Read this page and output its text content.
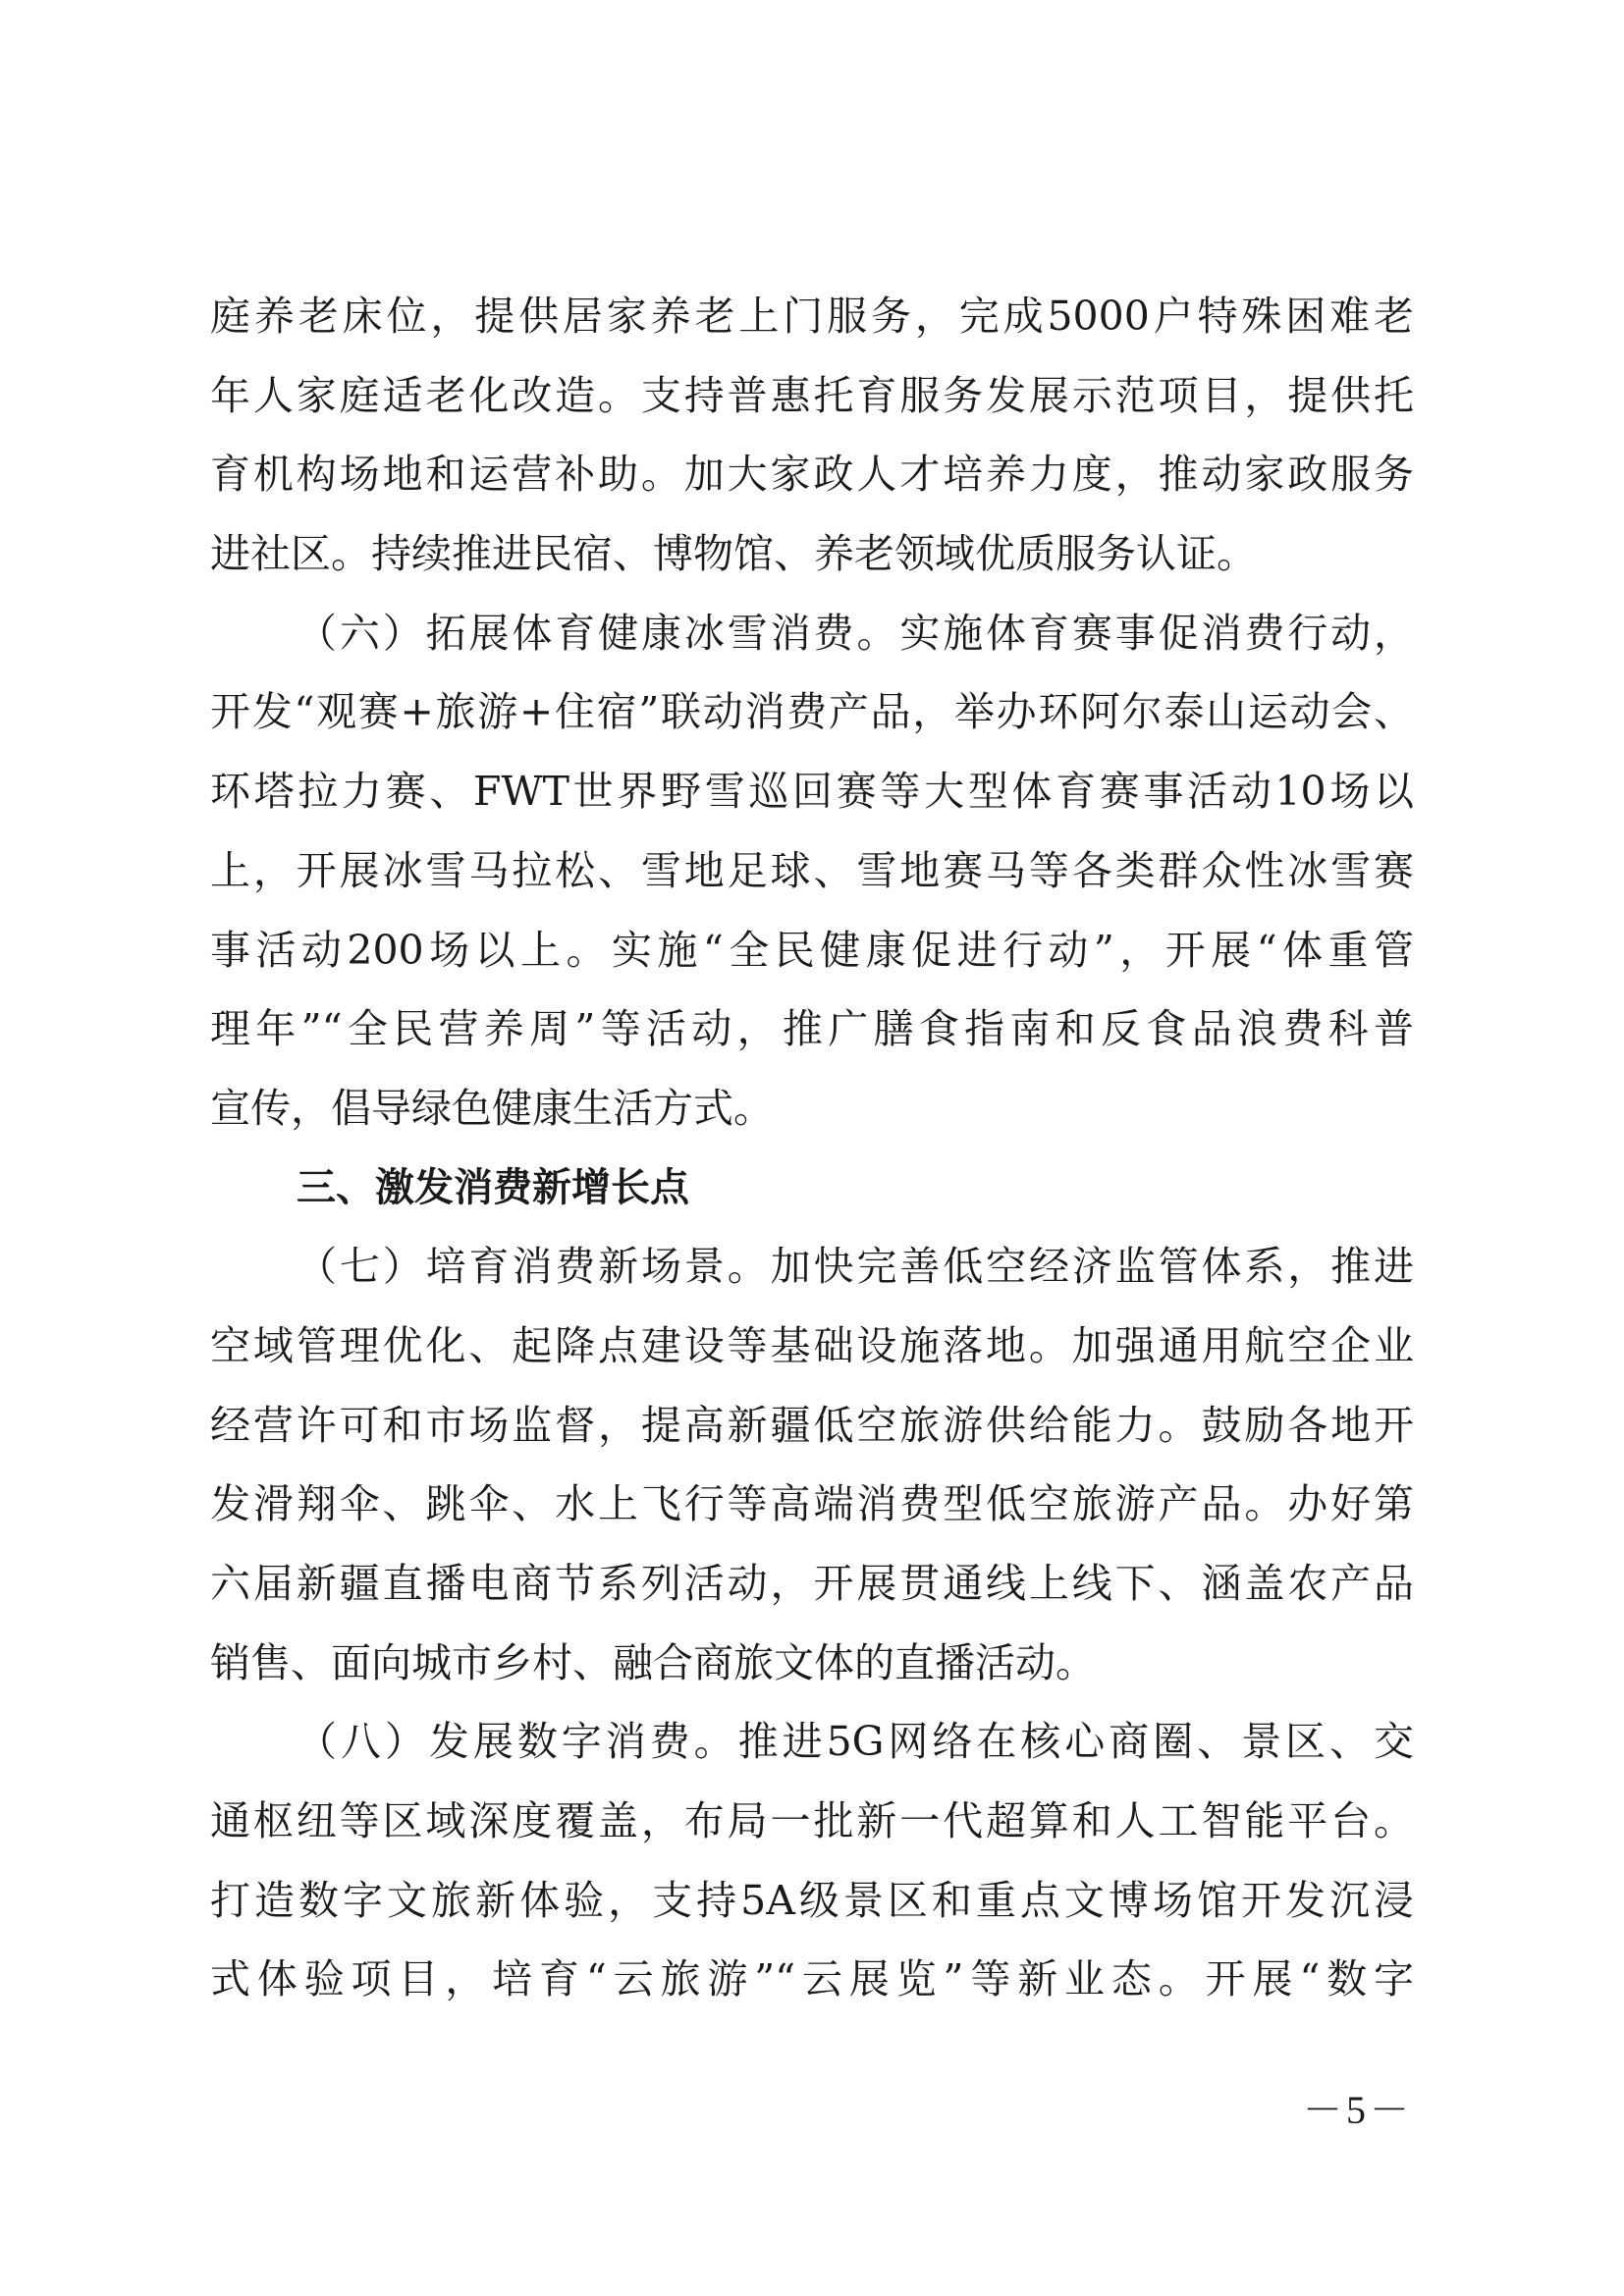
庭养老床位，提供居家养老上门服务，完成5000户特殊困难老
年人家庭适老化改造。支持普惠托育服务发展示范项目，提供托
育机构场地和运营补助。加大家政人才培养力度，推动家政服务
进社区。持续推进民宿、博物馆、养老领域优质服务认证。
（六）拓展体育健康冰雪消费。实施体育赛事促消费行动，
开发“观赛+旅游+住宿”联动消费产品，举办环阿尔泰山运动会、
环塔拉力赛、FWT世界野雪巡回赛等大型体育赛事活动10场以
上，开展冰雪马拉松、雪地足球、雪地赛马等各类群众性冰雪赛
事活动200场以上。实施“全民健康促进行动”，开展“体重管
理年”“全民营养周”等活动，推广膳食指南和反食品浪费科普
宣传，倡导绿色健康生活方式。
三、激发消费新增长点
（七）培育消费新场景。加快完善低空经济监管体系，推进
空域管理优化、起降点建设等基础设施落地。加强通用航空企业
经营许可和市场监督，提高新疆低空旅游供给能力。鼓励各地开
发滑翔伞、跳伞、水上飞行等高端消费型低空旅游产品。办好第
六届新疆直播电商节系列活动，开展贯通线上线下、涵盖农产品
销售、面向城市乡村、融合商旅文体的直播活动。
（八）发展数字消费。推进5G网络在核心商圈、景区、交
通枢纽等区域深度覆盖，布局一批新一代超算和人工智能平台。
打造数字文旅新体验，支持5A级景区和重点文博场馆开发沉浸
式体验项目，培育“云旅游”“云展览”等新业态。开展“数字
－5－
